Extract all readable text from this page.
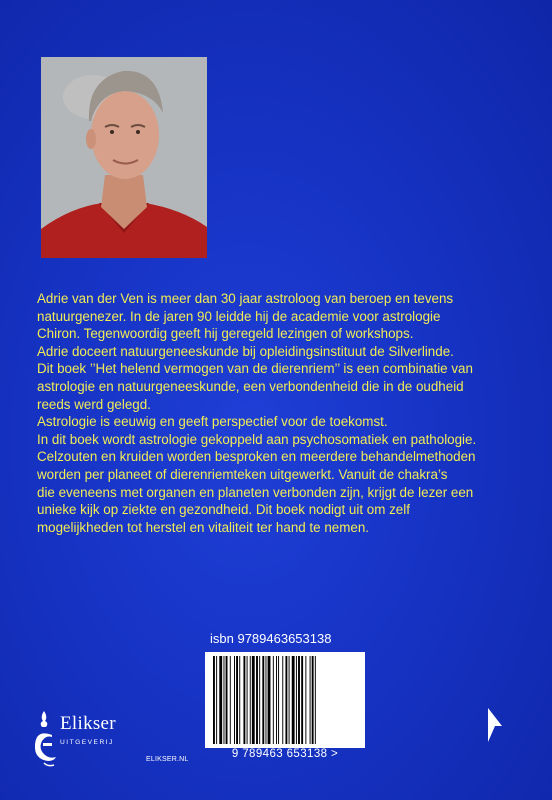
Adrie van der Ven is meer dan 30 jaar astroloog van beroep en tevens

natuurgenezer. In de jaren 90 leidde hij de academie voor astrologie

Chiron. Tegenwoordig geeft hij geregeld lezingen of workshops.

Adrie doceert natuurgeneeskunde bij opleidingsinstituut de Silverlinde.

Dit boek ’’Het helend vermogen van de dierenriem’’ is een combinatie van

astrologie en natuurgeneeskunde, een verbondenheid die in de oudheid

reeds werd gelegd.

Astrologie is eeuwig en geeft perspectief voor de toekomst.

In dit boek wordt astrologie gekoppeld aan psychosomatiek en pathologie.

Celzouten en kruiden worden besproken en meerdere behandelmethoden

worden per planeet of dierenriemteken uitgewerkt. Vanuit de chakra’s

die eveneens met organen en planeten verbonden zijn, krijgt de lezer een

unieke kijk op ziekte en gezondheid. Dit boek nodigt uit om zelf

mogelijkheden tot herstel en vitaliteit ter hand te nemen.

isbn 9789463653138
9 789463 653138 >
Elikser
UITGEVERIJ
ELIKSER.NL
